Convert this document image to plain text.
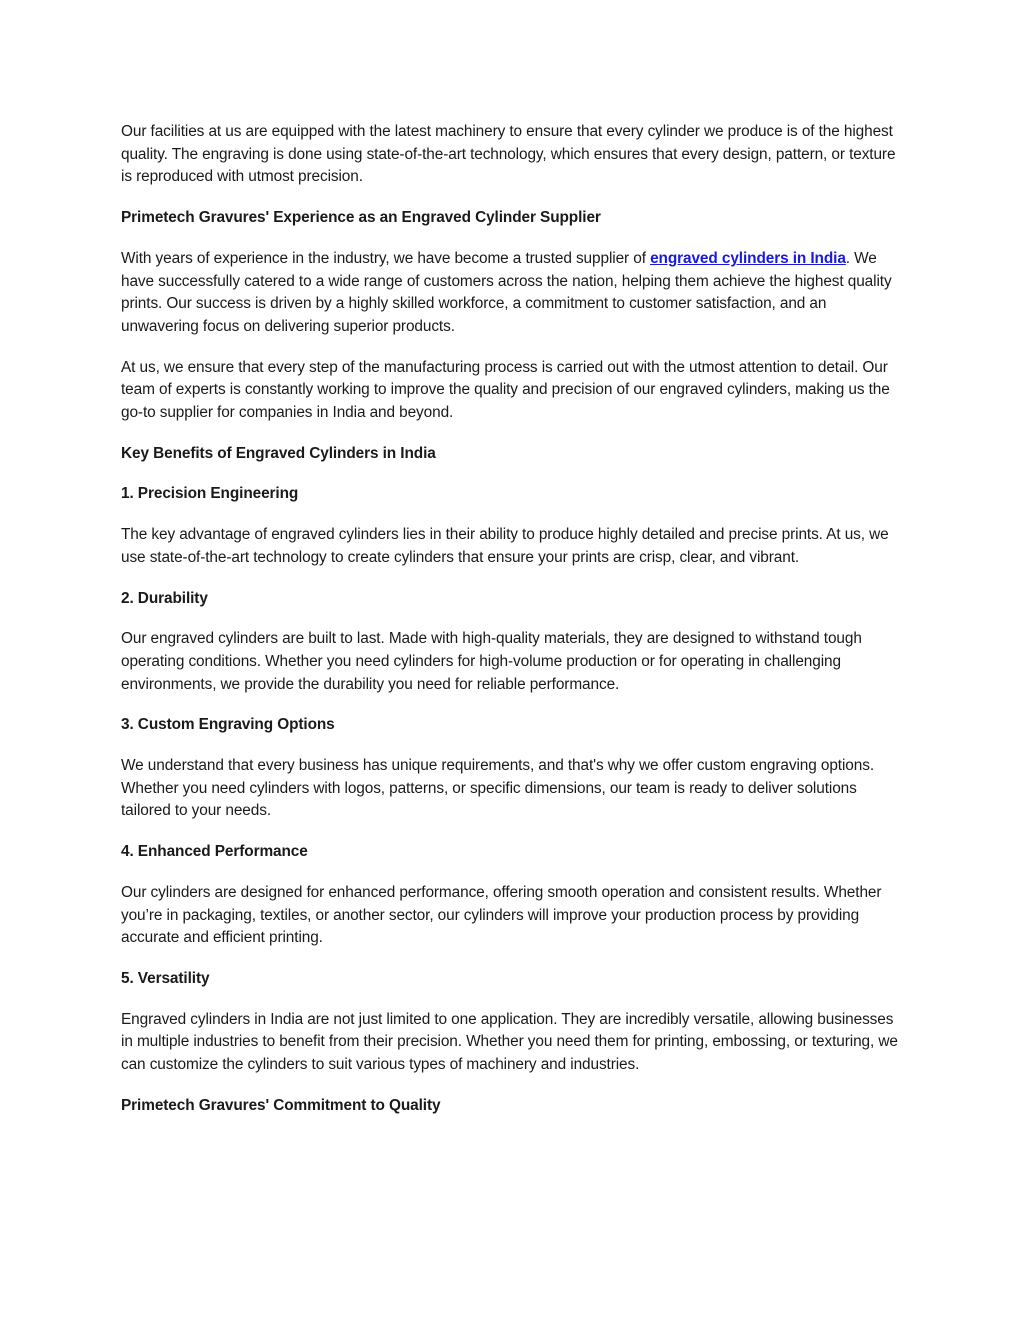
Our facilities at us are equipped with the latest machinery to ensure that every cylinder we produce is of the highest quality. The engraving is done using state-of-the-art technology, which ensures that every design, pattern, or texture is reproduced with utmost precision.

Primetech Gravures' Experience as an Engraved Cylinder Supplier

With years of experience in the industry, we have become a trusted supplier of engraved cylinders in India. We have successfully catered to a wide range of customers across the nation, helping them achieve the highest quality prints. Our success is driven by a highly skilled workforce, a commitment to customer satisfaction, and an unwavering focus on delivering superior products.

At us, we ensure that every step of the manufacturing process is carried out with the utmost attention to detail. Our team of experts is constantly working to improve the quality and precision of our engraved cylinders, making us the go-to supplier for companies in India and beyond.

Key Benefits of Engraved Cylinders in India

1. Precision Engineering

The key advantage of engraved cylinders lies in their ability to produce highly detailed and precise prints. At us, we use state-of-the-art technology to create cylinders that ensure your prints are crisp, clear, and vibrant.

2. Durability

Our engraved cylinders are built to last. Made with high-quality materials, they are designed to withstand tough operating conditions. Whether you need cylinders for high-volume production or for operating in challenging environments, we provide the durability you need for reliable performance.

3. Custom Engraving Options

We understand that every business has unique requirements, and that's why we offer custom engraving options. Whether you need cylinders with logos, patterns, or specific dimensions, our team is ready to deliver solutions tailored to your needs.

4. Enhanced Performance

Our cylinders are designed for enhanced performance, offering smooth operation and consistent results. Whether you’re in packaging, textiles, or another sector, our cylinders will improve your production process by providing accurate and efficient printing.

5. Versatility

Engraved cylinders in India are not just limited to one application. They are incredibly versatile, allowing businesses in multiple industries to benefit from their precision. Whether you need them for printing, embossing, or texturing, we can customize the cylinders to suit various types of machinery and industries.

Primetech Gravures' Commitment to Quality
